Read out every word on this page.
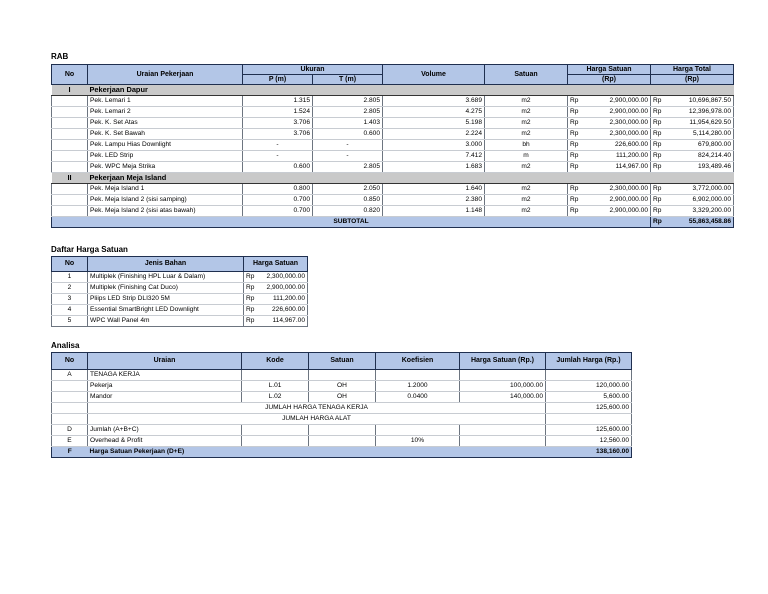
RAB
No	Uraian Pekerjaan	Ukuran		Volume	Satuan	Harga Satuan		Harga Total	
		P (m)	T (m)			(Rp)		(Rp)	
I	Pekerjaan Dapur								
	Pek. Lemari 1	1.315	2.805	3.689	m2	Rp	2,900,000.00	Rp	10,696,867.50
	Pek. Lemari 2	1.524	2.805	4.275	m2	Rp	2,900,000.00	Rp	12,396,978.00
	Pek. K. Set Atas	3.706	1.403	5.198	m2	Rp	2,300,000.00	Rp	11,954,629.50
	Pek. K. Set Bawah	3.706	0.600	2.224	m2	Rp	2,300,000.00	Rp	5,114,280.00
	Pek. Lampu Hias Downlight	-	-	3.000	bh	Rp	226,600.00	Rp	679,800.00
	Pek. LED Strip	-	-	7.412	m	Rp	111,200.00	Rp	824,214.40
	Pek. WPC Meja Strika	0.600	2.805	1.683	m2	Rp	114,967.00	Rp	193,489.46
II	Pekerjaan Meja Island								
	Pek. Meja Island 1	0.800	2.050	1.640	m2	Rp	2,300,000.00	Rp	3,772,000.00
	Pek. Meja Island 2 (sisi samping)	0.700	0.850	2.380	m2	Rp	2,900,000.00	Rp	6,902,000.00
	Pek. Meja Island 2 (sisi atas bawah)	0.700	0.820	1.148	m2	Rp	2,900,000.00	Rp	3,329,200.00
SUBTOTAL								Rp	55,863,458.86
Daftar Harga Satuan
No	Jenis Bahan	Harga Satuan	
1	Multiplek (Finishing HPL Luar & Dalam)	Rp	2,300,000.00
2	Multiplek (Finishing Cat Duco)	Rp	2,900,000.00
3	Pliips LED Strip DLI320 5M	Rp	111,200.00
4	Essential SmartBright LED Downlight	Rp	226,600.00
5	WPC Wall Panel 4m	Rp	114,967.00
Analisa
No	Uraian	Kode	Satuan	Koefisien	Harga Satuan (Rp.)	Jumlah Harga (Rp.)
A	TENAGA KERJA					
	Pekerja	L.01	OH	1.2000	100,000.00	120,000.00
	Mandor	L.02	OH	0.0400	140,000.00	5,600.00
	JUMLAH HARGA TENAGA KERJA					125,600.00
	JUMLAH HARGA ALAT					
D	Jumlah (A+B+C)					125,600.00
E	Overhead & Profit			10%		12,560.00
F	Harga Satuan Pekerjaan (D+E)					138,160.00
